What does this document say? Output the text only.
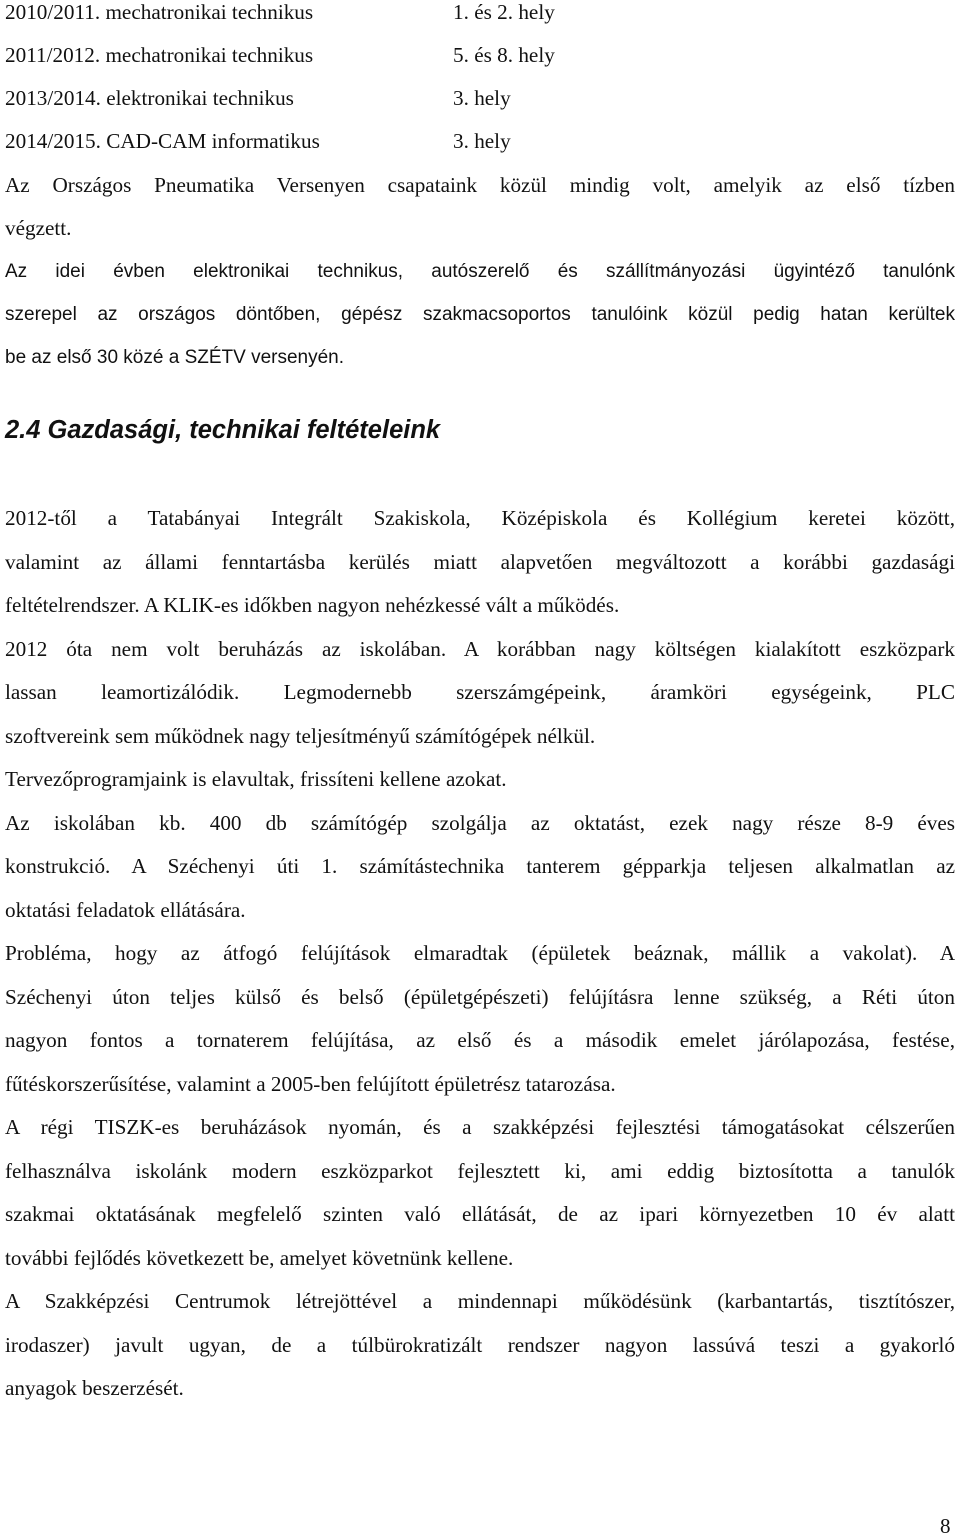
2010/2011. mechatronikai technikus	1. és 2. hely
2011/2012. mechatronikai technikus	5. és 8. hely
2013/2014. elektronikai technikus	3. hely
2014/2015. CAD-CAM informatikus	3. hely
Az Országos Pneumatika Versenyen csapataink közül mindig volt, amelyik az első tízben
végzett.
Az idei évben elektronikai technikus, autószerelő és szállítmányozási ügyintéző tanulónk
szerepel az országos döntőben, gépész szakmacsoportos tanulóink közül pedig hatan kerültek
be az első 30 közé a SZÉTV versenyén.
2.4 Gazdasági, technikai feltételeink
2012-től a Tatabányai Integrált Szakiskola, Középiskola és Kollégium keretei között,
valamint az állami fenntartásba kerülés miatt alapvetően megváltozott a korábbi gazdasági
feltételrendszer. A KLIK-es időkben nagyon nehézkessé vált a működés.
2012 óta nem volt beruházás az iskolában. A korábban nagy költségen kialakított eszközpark
lassan leamortizálódik. Legmodernebb szerszámgépeink, áramköri egységeink, PLC
szoftvereink sem működnek nagy teljesítményű számítógépek nélkül.
Tervezőprogramjaink is elavultak, frissíteni kellene azokat.
Az iskolában kb. 400 db számítógép szolgálja az oktatást, ezek nagy része 8-9 éves
konstrukció. A Széchenyi úti 1. számítástechnika tanterem gépparkja teljesen alkalmatlan az
oktatási feladatok ellátására.
Probléma, hogy az átfogó felújítások elmaradtak (épületek beáznak, mállik a vakolat). A
Széchenyi úton teljes külső és belső (épületgépészeti) felújításra lenne szükség, a Réti úton
nagyon fontos a tornaterem felújítása, az első és a második emelet járólapozása, festése,
fűtéskorszerűsítése, valamint a 2005-ben felújított épületrész tatarozása.
A régi TISZK-es beruházások nyomán, és a szakképzési fejlesztési támogatásokat célszerűen
felhasználva iskolánk modern eszközparkot fejlesztett ki, ami eddig biztosította a tanulók
szakmai oktatásának megfelelő szinten való ellátását, de az ipari környezetben 10 év alatt
további fejlődés következett be, amelyet követnünk kellene.
A Szakképzési Centrumok létrejöttével a mindennapi működésünk (karbantartás, tisztítószer,
irodaszer) javult ugyan, de a túlbürokratizált rendszer nagyon lassúvá teszi a gyakorló
anyagok beszerzését.
8
